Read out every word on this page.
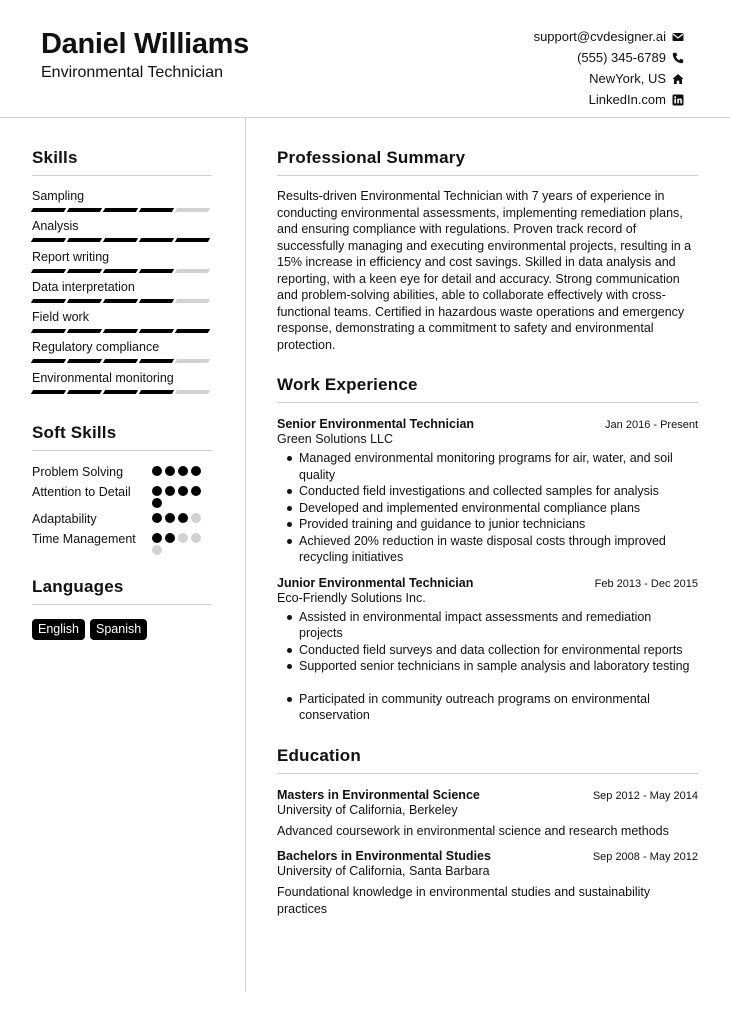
Daniel Williams
Environmental Technician
support@cvdesigner.ai
(555) 345-6789
NewYork, US
LinkedIn.com
Skills
Sampling
Analysis
Report writing
Data interpretation
Field work
Regulatory compliance
Environmental monitoring
Soft Skills
Problem Solving
Attention to Detail
Adaptability
Time Management
Languages
English	Spanish
Professional Summary

Results-driven Environmental Technician with 7 years of experience in conducting environmental assessments, implementing remediation plans, and ensuring compliance with regulations. Proven track record of successfully managing and executing environmental projects, resulting in a 15% increase in efficiency and cost savings. Skilled in data analysis and reporting, with a keen eye for detail and accuracy. Strong communication and problem-solving abilities, able to collaborate effectively with cross-functional teams. Certified in hazardous waste operations and emergency response, demonstrating a commitment to safety and environmental protection.

Work Experience
Senior Environmental Technician	Jan 2016 - Present
Green Solutions LLC
Managed environmental monitoring programs for air, water, and soil quality
Conducted field investigations and collected samples for analysis
Developed and implemented environmental compliance plans
Provided training and guidance to junior technicians
Achieved 20% reduction in waste disposal costs through improved recycling initiatives
Junior Environmental Technician	Feb 2013 - Dec 2015
Eco-Friendly Solutions Inc.
Assisted in environmental impact assessments and remediation projects
Conducted field surveys and data collection for environmental reports
Supported senior technicians in sample analysis and laboratory testing
Participated in community outreach programs on environmental conservation
Education
Masters in Environmental Science	Sep 2012 - May 2014
University of California, Berkeley

Advanced coursework in environmental science and research methods

Bachelors in Environmental Studies	Sep 2008 - May 2012
University of California, Santa Barbara

Foundational knowledge in environmental studies and sustainability practices
